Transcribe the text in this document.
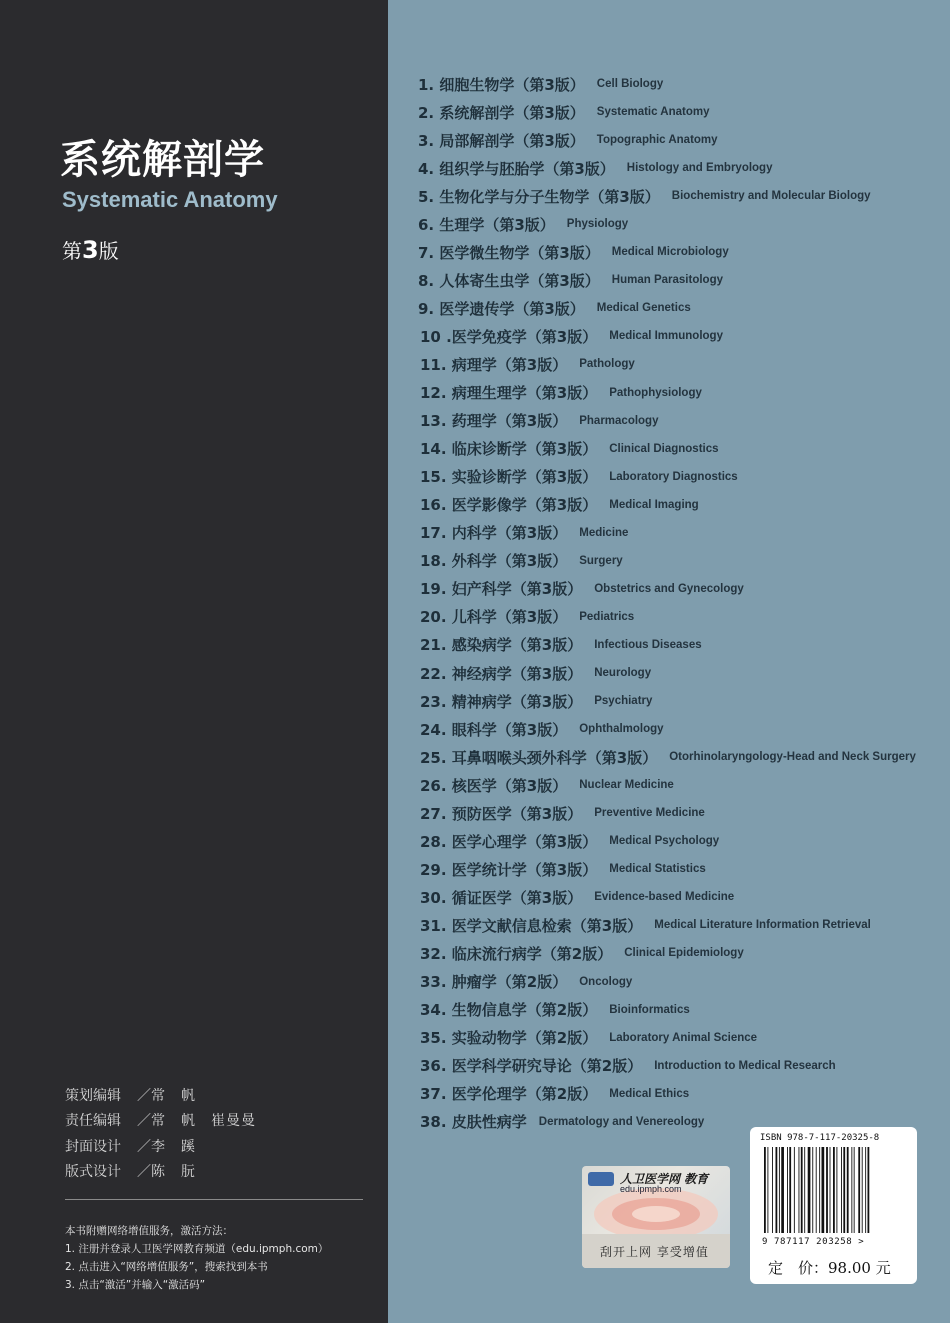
系统解剖学
Systematic Anatomy
第3版
策划编辑	／ 常　帆
责任编辑	／ 常　帆　崔曼曼
封面设计	／ 李　蹊
版式设计	／ 陈　朊
本书附赠网络增值服务，激活方法：
1. 注册并登录人卫医学网教育频道（edu.ipmph.com）
2. 点击进入“网络增值服务”，搜索找到本书
3. 点击“激活”并输入“激活码”
1. 细胞生物学（第3版） Cell Biology
2. 系统解剖学（第3版） Systematic Anatomy
3. 局部解剖学（第3版） Topographic Anatomy
4. 组织学与胚胎学（第3版） Histology and Embryology
5. 生物化学与分子生物学（第3版） Biochemistry and Molecular Biology
6. 生理学（第3版） Physiology
7. 医学微生物学（第3版） Medical Microbiology
8. 人体寄生虫学（第3版） Human Parasitology
9. 医学遗传学（第3版） Medical Genetics
10 .医学免疫学（第3版） Medical Immunology
11. 病理学（第3版） Pathology
12. 病理生理学（第3版） Pathophysiology
13. 药理学（第3版） Pharmacology
14. 临床诊断学（第3版） Clinical Diagnostics
15. 实验诊断学（第3版） Laboratory Diagnostics
16. 医学影像学（第3版） Medical Imaging
17. 内科学（第3版） Medicine
18. 外科学（第3版） Surgery
19. 妇产科学（第3版） Obstetrics and Gynecology
20. 儿科学（第3版） Pediatrics
21. 感染病学（第3版） Infectious Diseases
22. 神经病学（第3版） Neurology
23. 精神病学（第3版） Psychiatry
24. 眼科学（第3版） Ophthalmology
25. 耳鼻咽喉头颈外科学（第3版） Otorhinolaryngology-Head and Neck Surgery
26. 核医学（第3版） Nuclear Medicine
27. 预防医学（第3版） Preventive Medicine
28. 医学心理学（第3版） Medical Psychology
29. 医学统计学（第3版） Medical Statistics
30. 循证医学（第3版） Evidence-based Medicine
31. 医学文献信息检索（第3版） Medical Literature Information Retrieval
32. 临床流行病学（第2版） Clinical Epidemiology
33. 肿瘤学（第2版） Oncology
34. 生物信息学（第2版） Bioinformatics
35. 实验动物学（第2版） Laboratory Animal Science
36. 医学科学研究导论（第2版） Introduction to Medical Research
37. 医学伦理学（第2版） Medical Ethics
38. 皮肤性病学 Dermatology and Venereology
人卫医学网 教育
edu.ipmph.com
刮开上网 享受增值
ISBN 978-7-117-20325-8
9 787117 203258 >
定　价：98.00 元
